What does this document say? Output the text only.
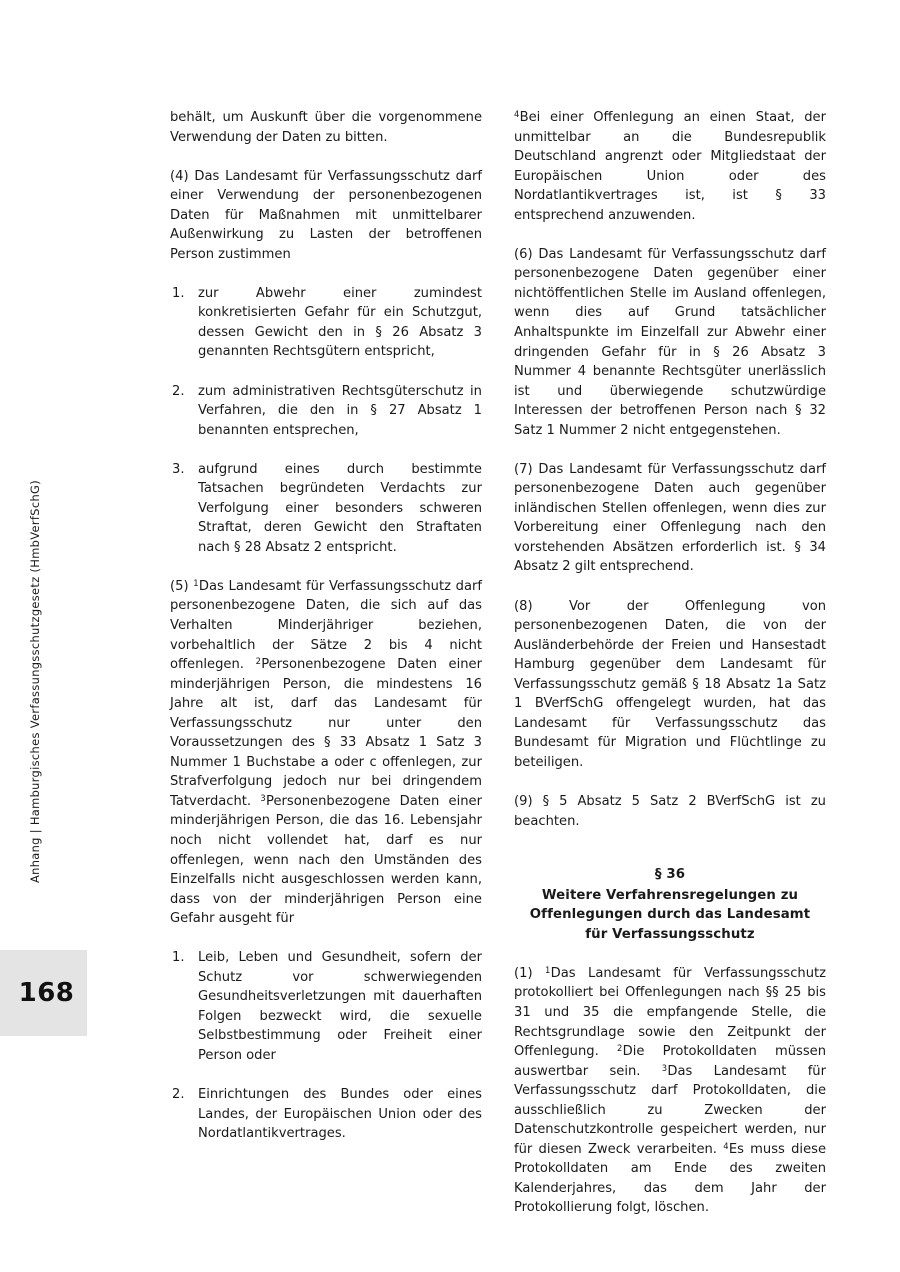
Anhang | Hamburgisches Verfassungsschutzgesetz (HmbVerfSchG)
168

behält, um Auskunft über die vorgenommene Verwendung der Daten zu bitten.

(4) Das Landesamt für Verfassungsschutz darf einer Verwendung der personenbezogenen Daten für Maßnahmen mit unmittelbarer Außenwirkung zu Lasten der betroffenen Person zustimmen

1. zur Abwehr einer zumindest konkretisierten Gefahr für ein Schutzgut, dessen Gewicht den in § 26 Absatz 3 genannten Rechtsgütern entspricht,
2. zum administrativen Rechtsgüterschutz in Verfahren, die den in § 27 Absatz 1 benannten entsprechen,
3. aufgrund eines durch bestimmte Tatsachen begründeten Verdachts zur Verfolgung einer besonders schweren Straftat, deren Gewicht den Straftaten nach § 28 Absatz 2 entspricht.

(5) $^1$Das Landesamt für Verfassungsschutz darf personenbezogene Daten, die sich auf das Verhalten Minderjähriger beziehen, vorbehaltlich der Sätze 2 bis 4 nicht offenlegen. $^2$Personenbezogene Daten einer minderjährigen Person, die mindestens 16 Jahre alt ist, darf das Landesamt für Verfassungsschutz nur unter den Voraussetzungen des § 33 Absatz 1 Satz 3 Nummer 1 Buchstabe a oder c offenlegen, zur Strafverfolgung jedoch nur bei dringendem Tatverdacht. $^3$Personenbezogene Daten einer minderjährigen Person, die das 16. Lebensjahr noch nicht vollendet hat, darf es nur offenlegen, wenn nach den Umständen des Einzelfalls nicht ausgeschlossen werden kann, dass von der minderjährigen Person eine Gefahr ausgeht für

1. Leib, Leben und Gesundheit, sofern der Schutz vor schwerwiegenden Gesundheitsverletzungen mit dauerhaften Folgen bezweckt wird, die sexuelle Selbstbestimmung oder Freiheit einer Person oder
2. Einrichtungen des Bundes oder eines Landes, der Europäischen Union oder des Nordatlantikvertrages.

$^4$Bei einer Offenlegung an einen Staat, der unmittelbar an die Bundesrepublik Deutschland angrenzt oder Mitgliedstaat der Europäischen Union oder des Nordatlantikvertrages ist, ist § 33 entsprechend anzuwenden.

(6) Das Landesamt für Verfassungsschutz darf personenbezogene Daten gegenüber einer nichtöffentlichen Stelle im Ausland offenlegen, wenn dies auf Grund tatsächlicher Anhaltspunkte im Einzelfall zur Abwehr einer dringenden Gefahr für in § 26 Absatz 3 Nummer 4 benannte Rechtsgüter unerlässlich ist und überwiegende schutzwürdige Interessen der betroffenen Person nach § 32 Satz 1 Nummer 2 nicht entgegenstehen.

(7) Das Landesamt für Verfassungsschutz darf personenbezogene Daten auch gegenüber inländischen Stellen offenlegen, wenn dies zur Vorbereitung einer Offenlegung nach den vorstehenden Absätzen erforderlich ist. § 34 Absatz 2 gilt entsprechend.

(8) Vor der Offenlegung von personenbezogenen Daten, die von der Ausländerbehörde der Freien und Hansestadt Hamburg gegenüber dem Landesamt für Verfassungsschutz gemäß § 18 Absatz 1a Satz 1 BVerfSchG offengelegt wurden, hat das Landesamt für Verfassungsschutz das Bundesamt für Migration und Flüchtlinge zu beteiligen.

(9) § 5 Absatz 5 Satz 2 BVerfSchG ist zu beachten.

§ 36
Weitere Verfahrensregelungen zu
Offenlegungen durch das Landesamt
für Verfassungsschutz

(1) $^1$Das Landesamt für Verfassungsschutz protokolliert bei Offenlegungen nach §§ 25 bis 31 und 35 die empfangende Stelle, die Rechtsgrundlage sowie den Zeitpunkt der Offenlegung. $^2$Die Protokolldaten müssen auswertbar sein. $^3$Das Landesamt für Verfassungsschutz darf Protokolldaten, die ausschließlich zu Zwecken der Datenschutzkontrolle gespeichert werden, nur für diesen Zweck verarbeiten. $^4$Es muss diese Protokolldaten am Ende des zweiten Kalenderjahres, das dem Jahr der Protokollierung folgt, löschen.
